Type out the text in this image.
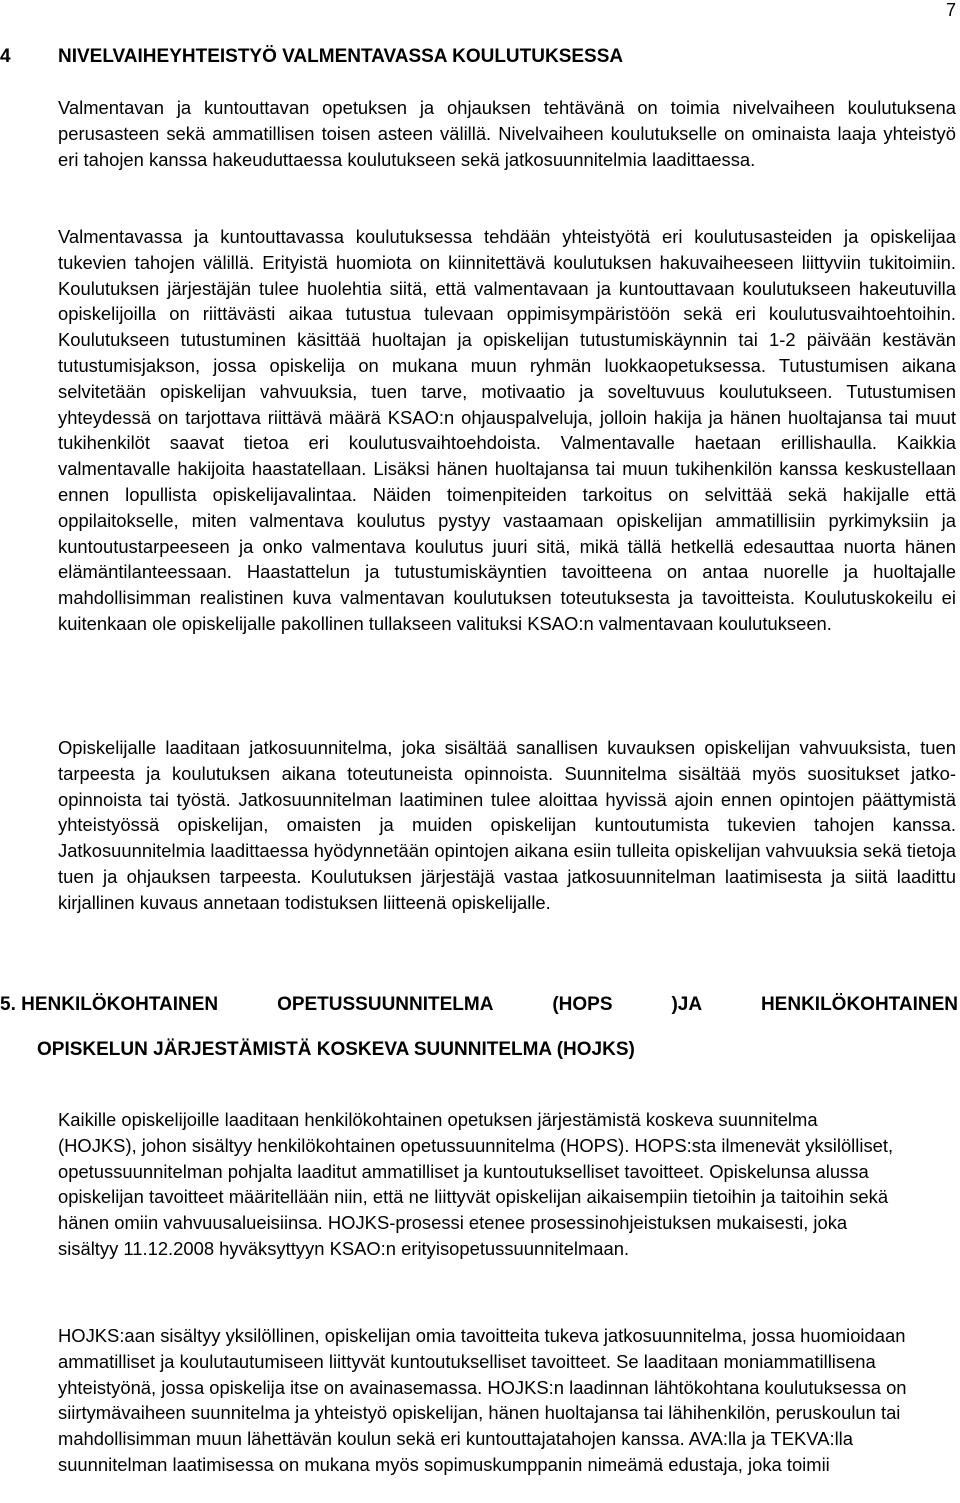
7
4 NIVELVAIHEYHTEISTYÖ VALMENTAVASSA KOULUTUKSESSA

Valmentavan ja kuntouttavan opetuksen ja ohjauksen tehtävänä on toimia nivelvaiheen koulutuksena perusasteen sekä ammatillisen toisen asteen välillä. Nivelvaiheen koulutukselle on ominaista laaja yhteistyö eri tahojen kanssa hakeuduttaessa koulutukseen sekä jatkosuunnitelmia laadittaessa.

Valmentavassa ja kuntouttavassa koulutuksessa tehdään yhteistyötä eri koulutusasteiden ja opiskelijaa tukevien tahojen välillä. Erityistä huomiota on kiinnitettävä koulutuksen hakuvaiheeseen liittyviin tukitoimiin. Koulutuksen järjestäjän tulee huolehtia siitä, että valmentavaan ja kuntouttavaan koulutukseen hakeutuvilla opiskelijoilla on riittävästi aikaa tutustua tulevaan oppimisympäristöön sekä eri koulutusvaihtoehtoihin. Koulutukseen tutustuminen käsittää huoltajan ja opiskelijan tutustumiskäynnin tai 1-2 päivään kestävän tutustumisjakson, jossa opiskelija on mukana muun ryhmän luokkaopetuksessa. Tutustumisen aikana selvitetään opiskelijan vahvuuksia, tuen tarve, motivaatio ja soveltuvuus koulutukseen. Tutustumisen yhteydessä on tarjottava riittävä määrä KSAO:n ohjauspalveluja, jolloin hakija ja hänen huoltajansa tai muut tukihenkilöt saavat tietoa eri koulutusvaihtoehdoista. Valmentavalle haetaan erillishaulla. Kaikkia valmentavalle hakijoita haastatellaan. Lisäksi hänen huoltajansa tai muun tukihenkilön kanssa keskustellaan ennen lopullista opiskelijavalintaa. Näiden toimenpiteiden tarkoitus on selvittää sekä hakijalle että oppilaitokselle, miten valmentava koulutus pystyy vastaamaan opiskelijan ammatillisiin pyrkimyksiin ja kuntoutustarpeeseen ja onko valmentava koulutus juuri sitä, mikä tällä hetkellä edesauttaa nuorta hänen elämäntilanteessaan. Haastattelun ja tutustumiskäyntien tavoitteena on antaa nuorelle ja huoltajalle mahdollisimman realistinen kuva valmentavan koulutuksen toteutuksesta ja tavoitteista. Koulutuskokeilu ei kuitenkaan ole opiskelijalle pakollinen tullakseen valituksi KSAO:n valmentavaan koulutukseen.

Opiskelijalle laaditaan jatkosuunnitelma, joka sisältää sanallisen kuvauksen opiskelijan vahvuuksista, tuen tarpeesta ja koulutuksen aikana toteutuneista opinnoista. Suunnitelma sisältää myös suositukset jatko-opinnoista tai työstä. Jatkosuunnitelman laatiminen tulee aloittaa hyvissä ajoin ennen opintojen päättymistä yhteistyössä opiskelijan, omaisten ja muiden opiskelijan kuntoutumista tukevien tahojen kanssa. Jatkosuunnitelmia laadittaessa hyödynnetään opintojen aikana esiin tulleita opiskelijan vahvuuksia sekä tietoja tuen ja ohjauksen tarpeesta. Koulutuksen järjestäjä vastaa jatkosuunnitelman laatimisesta ja siitä laadittu kirjallinen kuvaus annetaan todistuksen liitteenä opiskelijalle.

5. HENKILÖKOHTAINEN	OPETUSSUUNNITELMA	(HOPS	)JA	HENKILÖKOHTAINEN
OPISKELUN JÄRJESTÄMISTÄ KOSKEVA SUUNNITELMA (HOJKS)

Kaikille opiskelijoille laaditaan henkilökohtainen opetuksen järjestämistä koskeva suunnitelma (HOJKS), johon sisältyy henkilökohtainen opetussuunnitelma (HOPS). HOPS:sta ilmenevät yksilölliset, opetussuunnitelman pohjalta laaditut ammatilliset ja kuntoutukselliset tavoitteet. Opiskelunsa alussa opiskelijan tavoitteet määritellään niin, että ne liittyvät opiskelijan aikaisempiin tietoihin ja taitoihin sekä hänen omiin vahvuusalueisiinsa. HOJKS-prosessi etenee prosessinohjeistuksen mukaisesti, joka sisältyy 11.12.2008 hyväksyttyyn KSAO:n erityisopetussuunnitelmaan.

HOJKS:aan sisältyy yksilöllinen, opiskelijan omia tavoitteita tukeva jatkosuunnitelma, jossa huomioidaan ammatilliset ja koulutautumiseen liittyvät kuntoutukselliset tavoitteet. Se laaditaan moniammatillisena yhteistyönä, jossa opiskelija itse on avainasemassa. HOJKS:n laadinnan lähtökohtana koulutuksessa on siirtymävaiheen suunnitelma ja yhteistyö opiskelijan, hänen huoltajansa tai lähihenkilön, peruskoulun tai mahdollisimman muun lähettävän koulun sekä eri kuntouttajatahojen kanssa. AVA:lla ja TEKVA:lla suunnitelman laatimisessa on mukana myös sopimuskumppanin nimeämä edustaja, joka toimii
